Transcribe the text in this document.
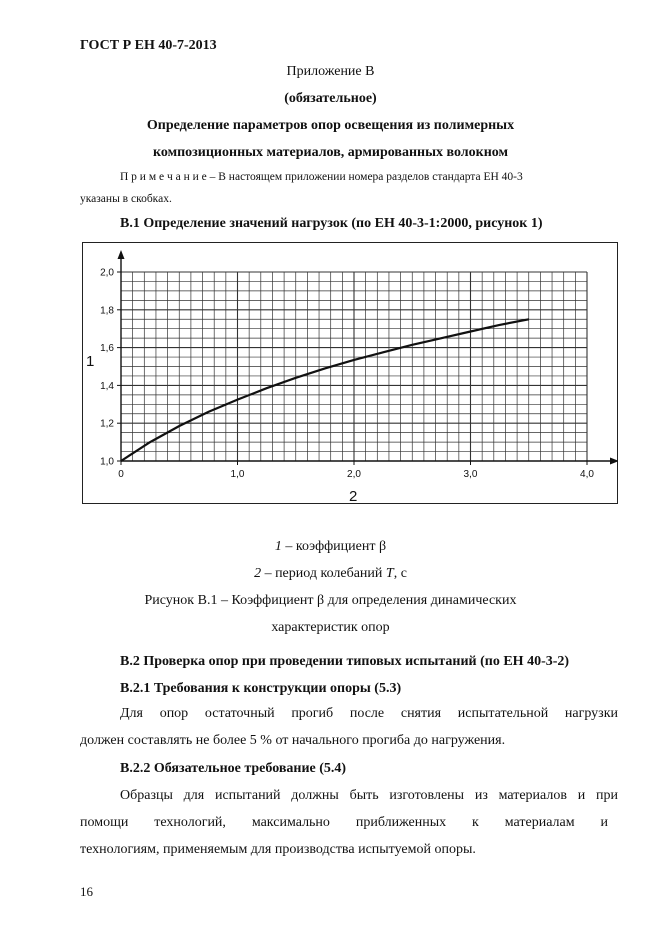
ГОСТ Р ЕН 40-7-2013
Приложение В
(обязательное)
Определение параметров опор освещения из полимерных
композиционных материалов, армированных волокном
П р и м е ч а н и е – В настоящем приложении номера разделов стандарта ЕН 40-3
указаны в скобках.
В.1 Определение значений нагрузок (по ЕН 40-3-1:2000, рисунок 1)
0	1,0	2,0	3,0	4,0
1,0
1,2
1,4
1,6
1,8
2,0
1
2
1 – коэффициент β
2 – период колебаний T, с
Рисунок В.1 – Коэффициент β для определения динамических
характеристик опор
В.2 Проверка опор при проведении типовых испытаний (по ЕН 40-3-2)
В.2.1 Требования к конструкции опоры (5.3)
Для опор остаточный прогиб после снятия испытательной нагрузки
должен составлять не более 5 % от начального прогиба до нагружения.
В.2.2 Обязательное требование (5.4)
Образцы для испытаний должны быть изготовлены из материалов и при
помощи технологий, максимально приближенных к материалам и
технологиям, применяемым для производства испытуемой опоры.
16
